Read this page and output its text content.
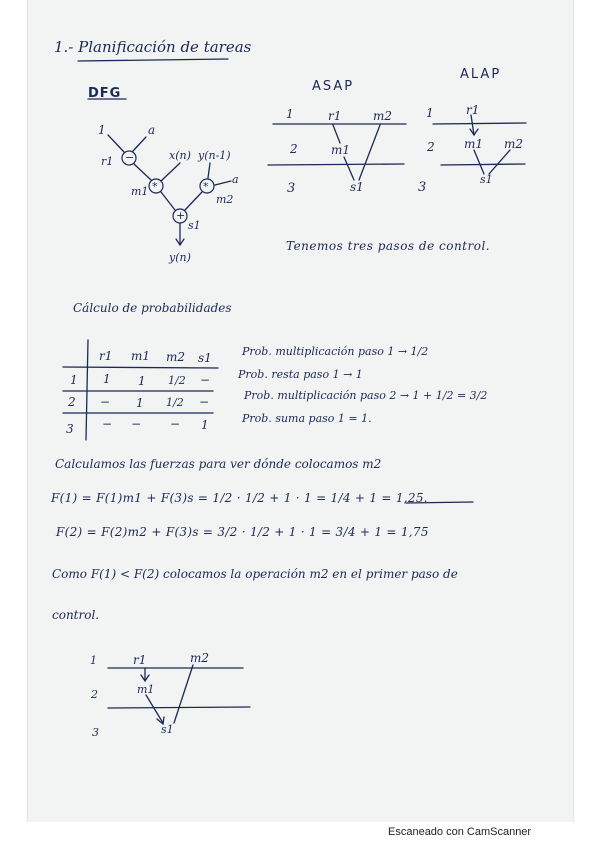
1.- Planificación de tareas
DFG
1	a
r1 −	x(n) y(n-1)
m1 *	*
a
m2
+
s1
y(n)
ASAP
1
2
3
r1	m2
m1
s1
ALAP
1
2
3
r1
m1 m2
s1
Tenemos tres pasos de control.
Cálculo de probabilidades
r1 m1 m2 s1
1 1 1 1/2 −
2 − 1 1/2 −
3 − − − 1
Prob. multiplicación paso 1 → 1/2
Prob. resta paso 1 → 1
Prob. multiplicación paso 2 → 1 + 1/2 = 3/2
Prob. suma paso 1 = 1.
Calculamos las fuerzas para ver dónde colocamos m2
F(1) = F(1)m1 + F(3)s = 1/2 · 1/2 + 1 · 1 = 1/4 + 1 = 1,25.
F(2) = F(2)m2 + F(3)s = 3/2 · 1/2 + 1 · 1 = 3/4 + 1 = 1,75
Como F(1) < F(2) colocamos la operación m2 en el primer paso de
control.
1
2
3
r1	m2
m1
s1
Escaneado con CamScanner
